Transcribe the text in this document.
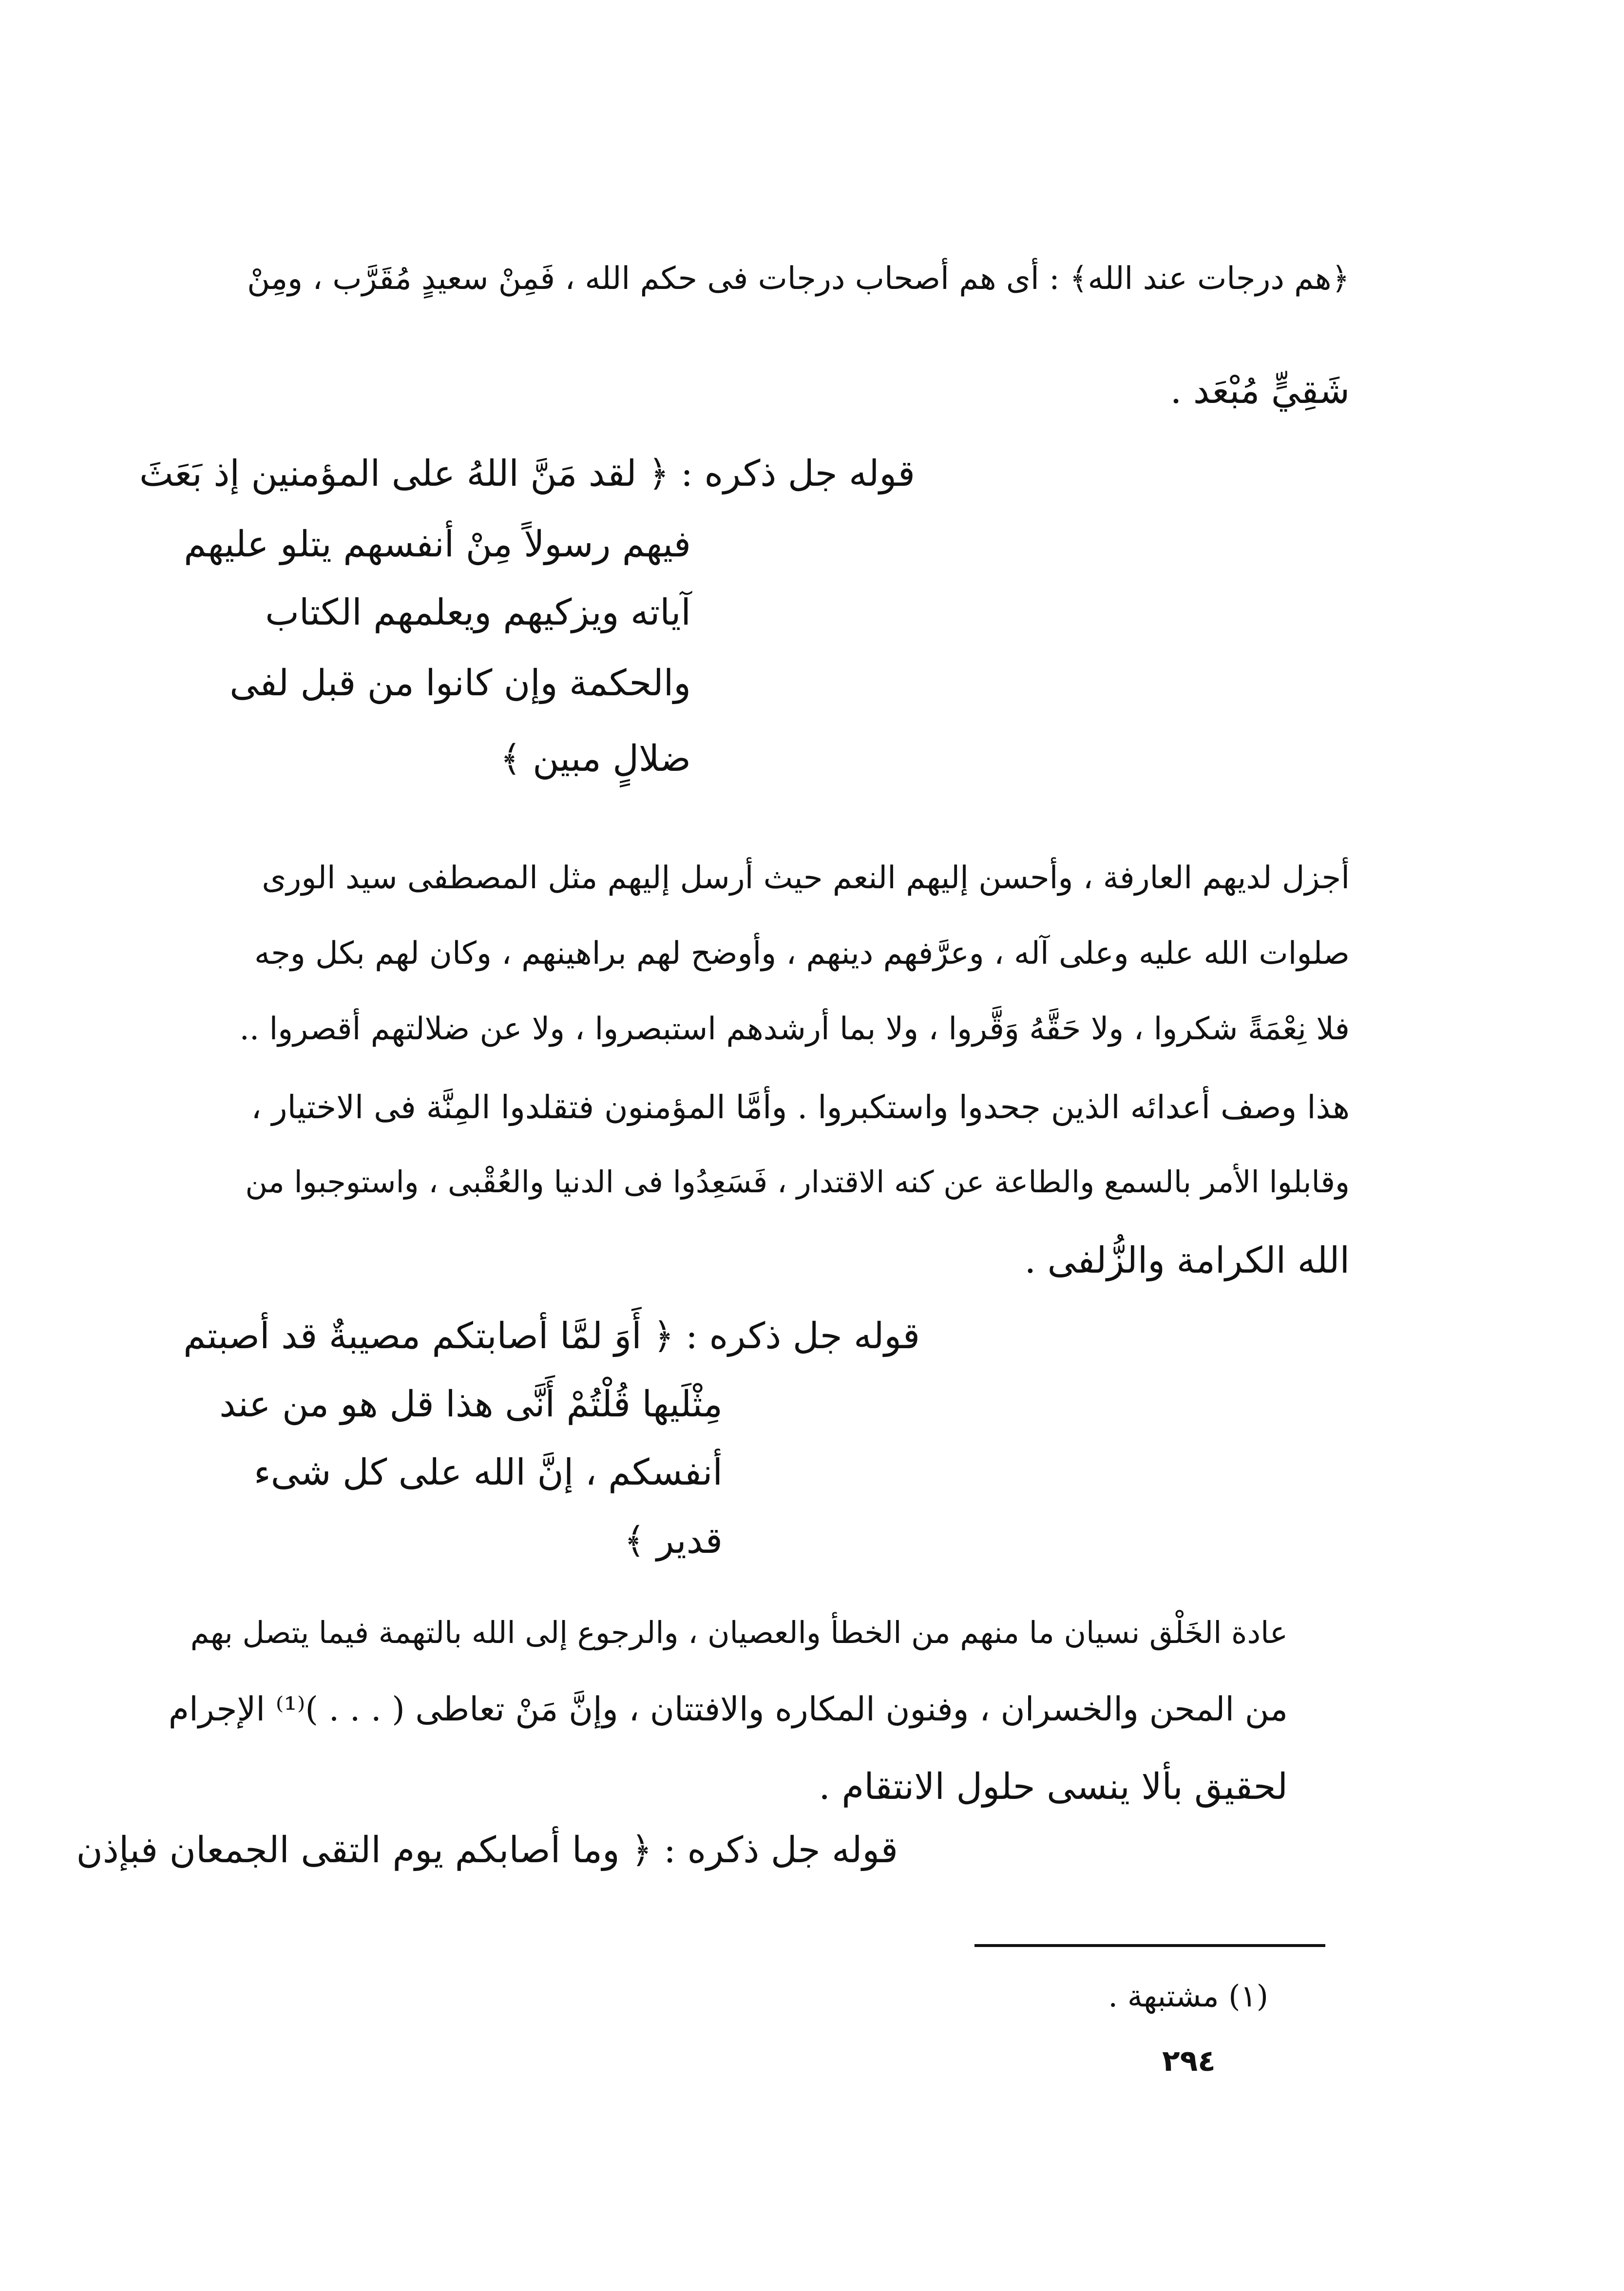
﴿هم درجات عند الله﴾ : أى هم أصحاب درجات فى حكم الله ، فَمِنْ سعيدٍ مُقَرَّب ، ومِنْ
شَقِيٍّ مُبْعَد .
قوله جل ذكره : ﴿ لقد مَنَّ اللهُ على المؤمنين إذ بَعَثَ
فيهم رسولاً مِنْ أنفسهم يتلو عليهم
آياته ويزكيهم ويعلمهم الكتاب
والحكمة وإن كانوا من قبل لفى
ضلالٍ مبين ﴾
أجزل لديهم العارفة ، وأحسن إليهم النعم حيث أرسل إليهم مثل المصطفى سيد الورى
صلوات الله عليه وعلى آله ، وعرَّفهم دينهم ، وأوضح لهم براهينهم ، وكان لهم بكل وجه
فلا نِعْمَةً شكروا ، ولا حَقَّهُ وَقَّروا ، ولا بما أرشدهم استبصروا ، ولا عن ضلالتهم أقصروا ..
هذا وصف أعدائه الذين جحدوا واستكبروا . وأمَّا المؤمنون فتقلدوا المِنَّة فى الاختيار ،
وقابلوا الأمر بالسمع والطاعة عن كنه الاقتدار ، فَسَعِدُوا فى الدنيا والعُقْبى ، واستوجبوا من
الله الكرامة والزُّلفى .
قوله جل ذكره : ﴿ أَوَ لمَّا أصابتكم مصيبةٌ قد أصبتم
مِثْلَيها قُلْتُمْ أَنَّى هذا قل هو من عند
أنفسكم ، إنَّ الله على كل شىء
قدير ﴾
عادة الخَلْق نسيان ما منهم من الخطأ والعصيان ، والرجوع إلى الله بالتهمة فيما يتصل بهم
من المحن والخسران ، وفنون المكاره والافتتان ، وإنَّ مَنْ تعاطى ( . . . )⁽¹⁾ الإجرام
لحقيق بألا ينسى حلول الانتقام .
قوله جل ذكره : ﴿ وما أصابكم يوم التقى الجمعان فبإذن
(١) مشتبهة .
٢٩٤
